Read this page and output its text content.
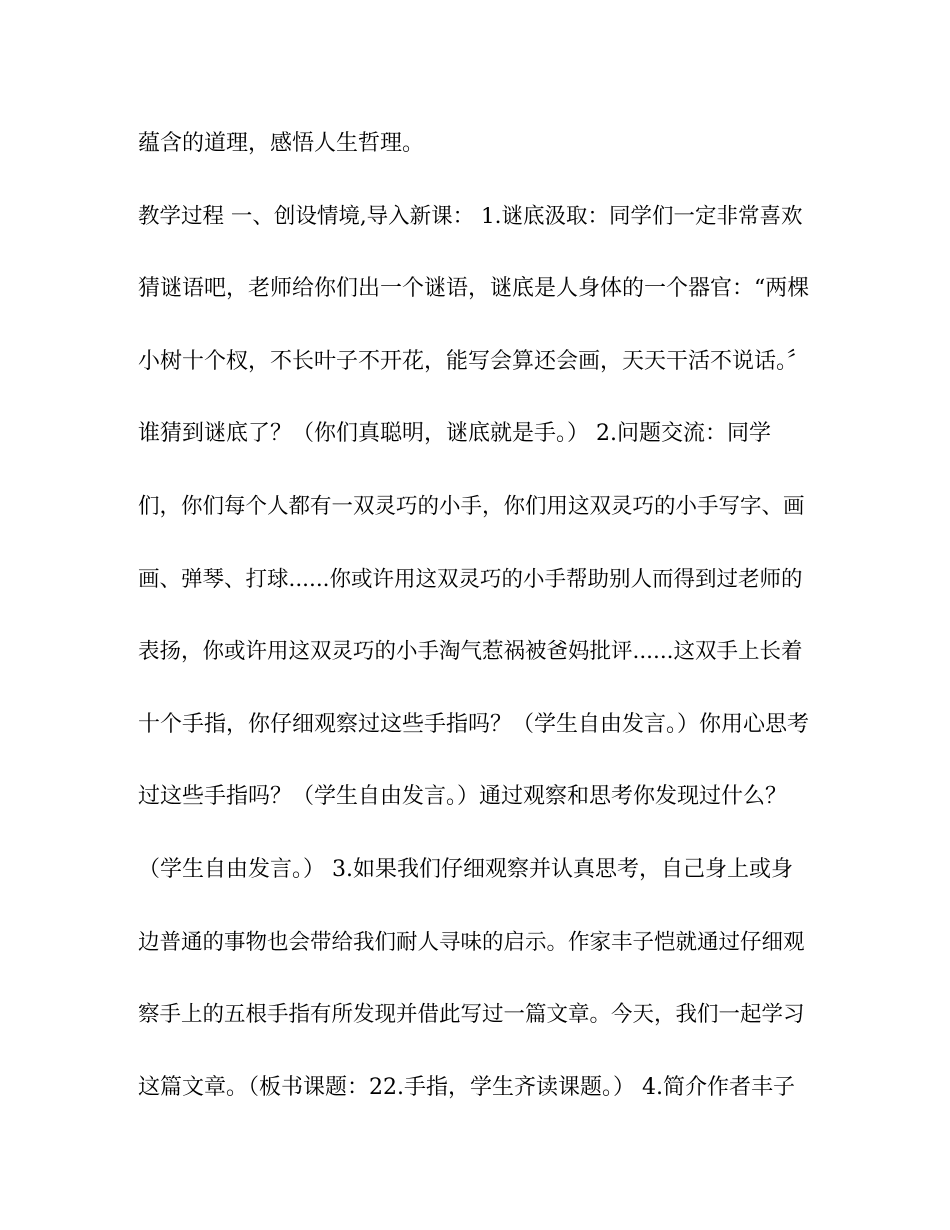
蕴含的道理，感悟人生哲理。
教学过程 一、创设情境,导入新课： 1.谜底汲取：同学们一定非常喜欢
猜谜语吧，老师给你们出一个谜语，谜底是人身体的一个器官：“两棵
小树十个杈，不长叶子不开花，能写会算还会画，天天干活不说话。〞
谁猜到谜底了？（你们真聪明，谜底就是手。） 2.问题交流：同学
们，你们每个人都有一双灵巧的小手，你们用这双灵巧的小手写字、画
画、弹琴、打球......你或许用这双灵巧的小手帮助别人而得到过老师的
表扬，你或许用这双灵巧的小手淘气惹祸被爸妈批评......这双手上长着
十个手指，你仔细观察过这些手指吗？（学生自由发言。）你用心思考
过这些手指吗？（学生自由发言。）通过观察和思考你发现过什么？
（学生自由发言。） 3.如果我们仔细观察并认真思考，自己身上或身
边普通的事物也会带给我们耐人寻味的启示。作家丰子恺就通过仔细观
察手上的五根手指有所发现并借此写过一篇文章。今天，我们一起学习
这篇文章。（板书课题：22.手指，学生齐读课题。） 4.简介作者丰子
